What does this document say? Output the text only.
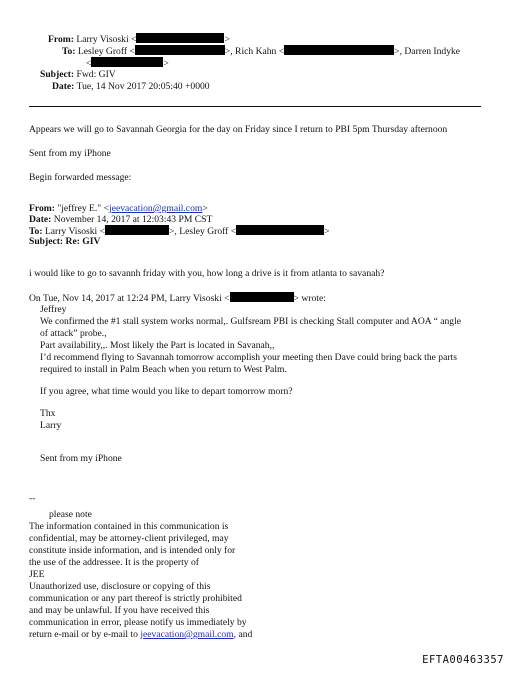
From: Larry Visoski <	>
To: Lesley Groff <	>, Rich Kahn <	>, Darren Indyke
<	>
Subject: Fwd: GIV
Date: Tue, 14 Nov 2017 20:05:40 +0000
Appears we will go to Savannah Georgia for the day on Friday since I return to PBI 5pm Thursday afternoon
Sent from my iPhone
Begin forwarded message:
From: "jeffrey E." <jeevacation@gmail.com>
Date: November 14, 2017 at 12:03:43 PM CST
To: Larry Visoski <	>, Lesley Groff <	>
Subject: Re: GIV
i would like to go to savannh friday with you, how long a drive is it from atlanta to savanah?
On Tue, Nov 14, 2017 at 12:24 PM, Larry Visoski <	> wrote:
Jeffrey
We confirmed the #1 stall system works normal,. Gulfsream PBI is checking Stall computer and AOA “ angle
of attack” probe.,
Part availability,,. Most likely the Part is located in Savanah,,
I’d recommend flying to Savannah tomorrow accomplish your meeting then Dave could bring back the parts
required to install in Palm Beach when you return to West Palm.
If you agree, what time would you like to depart tomorrow morn?
Thx
Larry
Sent from my iPhone
--
please note
The information contained in this communication is
confidential, may be attorney-client privileged, may
constitute inside information, and is intended only for
the use of the addressee. It is the property of
JEE
Unauthorized use, disclosure or copying of this
communication or any part thereof is strictly prohibited
and may be unlawful. If you have received this
communication in error, please notify us immediately by
return e-mail or by e-mail to jeevacation@gmail.com, and
EFTA00463357
